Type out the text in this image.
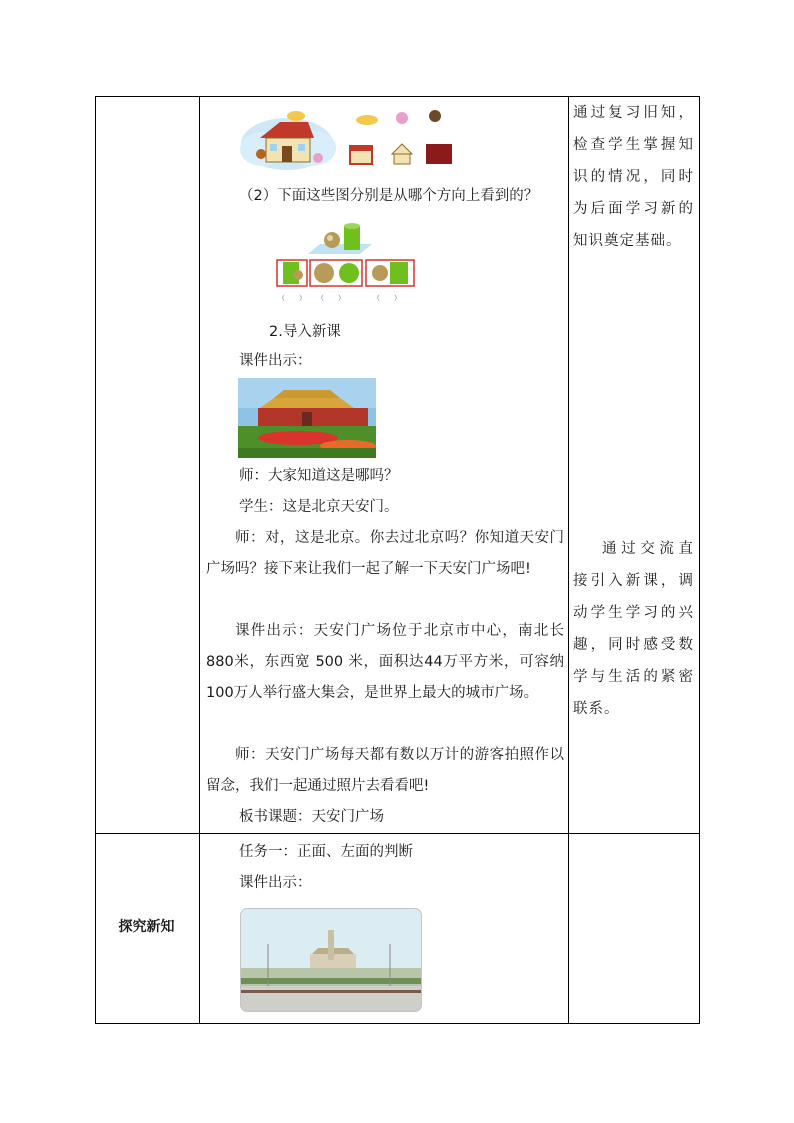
（2）下面这些图分别是从哪个方向上看到的？
（　　） （　　）	（　　）
2.导入新课
课件出示：
师：大家知道这是哪吗？
学生：这是北京天安门。
师：对，这是北京。你去过北京吗？你知道天安门广场吗？接下来让我们一起了解一下天安门广场吧!
课件出示：天安门广场位于北京市中心，南北长880米，东西宽 500 米，面积达44万平方米，可容纳100万人举行盛大集会，是世界上最大的城市广场。
师：天安门广场每天都有数以万计的游客拍照作以留念，我们一起通过照片去看看吧!
板书课题：天安门广场
探究新知
任务一：正面、左面的判断
课件出示：
通过复习旧知，检查学生掌握知识的情况，同时为后面学习新的知识奠定基础。
通过交流直接引入新课，调动学生学习的兴趣，同时感受数学与生活的紧密联系。
